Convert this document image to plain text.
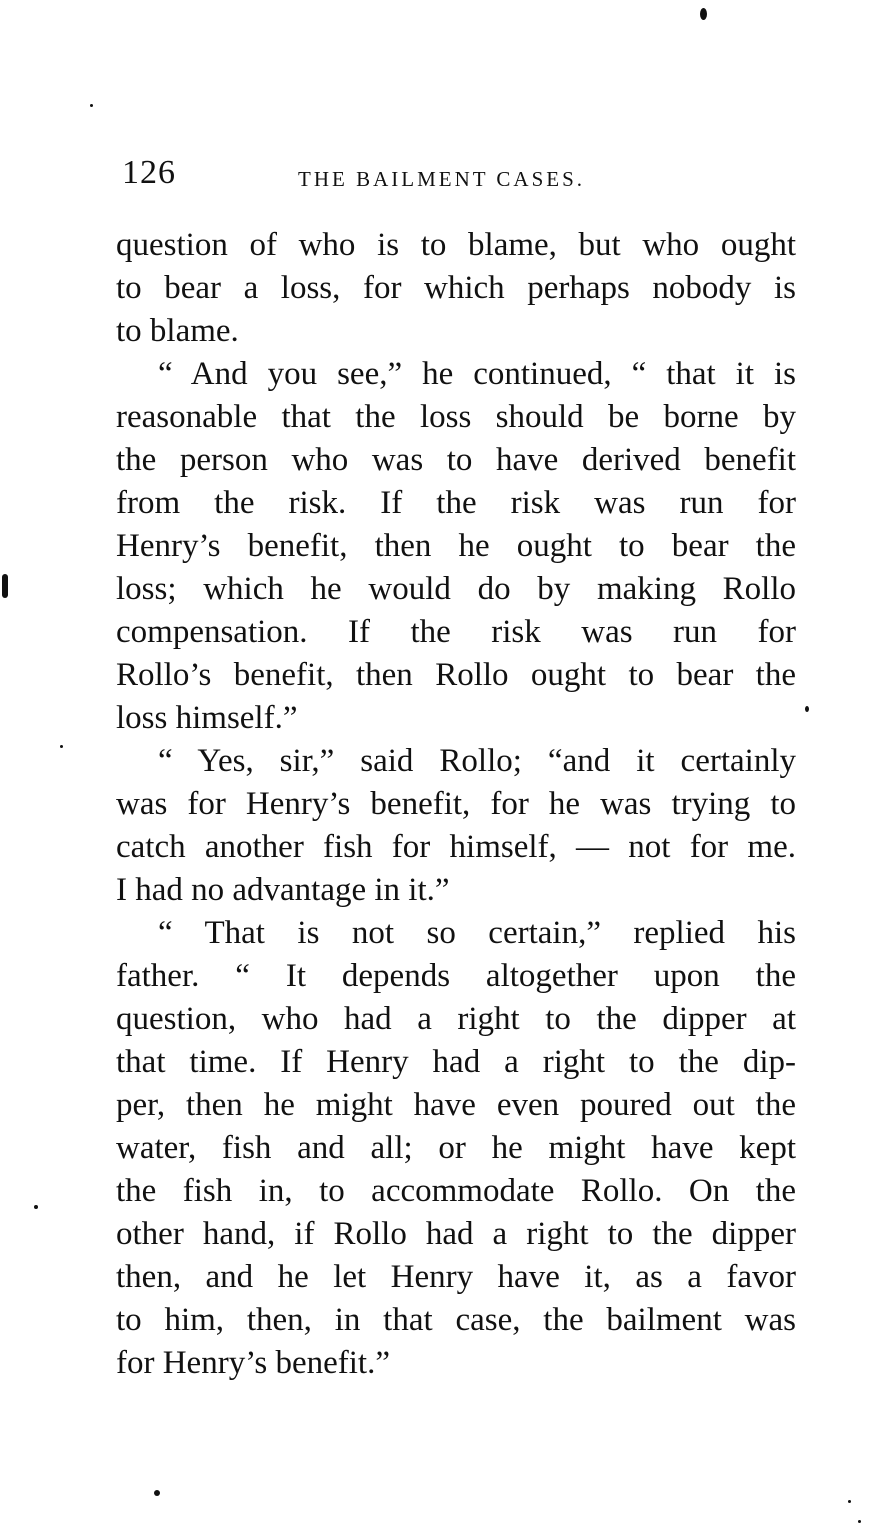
126	THE BAILMENT CASES.
question of who is to blame, but who ought
to bear a loss, for which perhaps nobody is
to blame.
“ And you see,” he continued, “ that it is
reasonable that the loss should be borne by
the person who was to have derived benefit
from the risk. If the risk was run for
Henry’s benefit, then he ought to bear the
loss; which he would do by making Rollo
compensation. If the risk was run for
Rollo’s benefit, then Rollo ought to bear the
loss himself.”
“ Yes, sir,” said Rollo; “and it certainly
was for Henry’s benefit, for he was trying to
catch another fish for himself, — not for me.
I had no advantage in it.”
“ That is not so certain,” replied his
father. “ It depends altogether upon the
question, who had a right to the dipper at
that time. If Henry had a right to the dip-
per, then he might have even poured out the
water, fish and all; or he might have kept
the fish in, to accommodate Rollo. On the
other hand, if Rollo had a right to the dipper
then, and he let Henry have it, as a favor
to him, then, in that case, the bailment was
for Henry’s benefit.”
